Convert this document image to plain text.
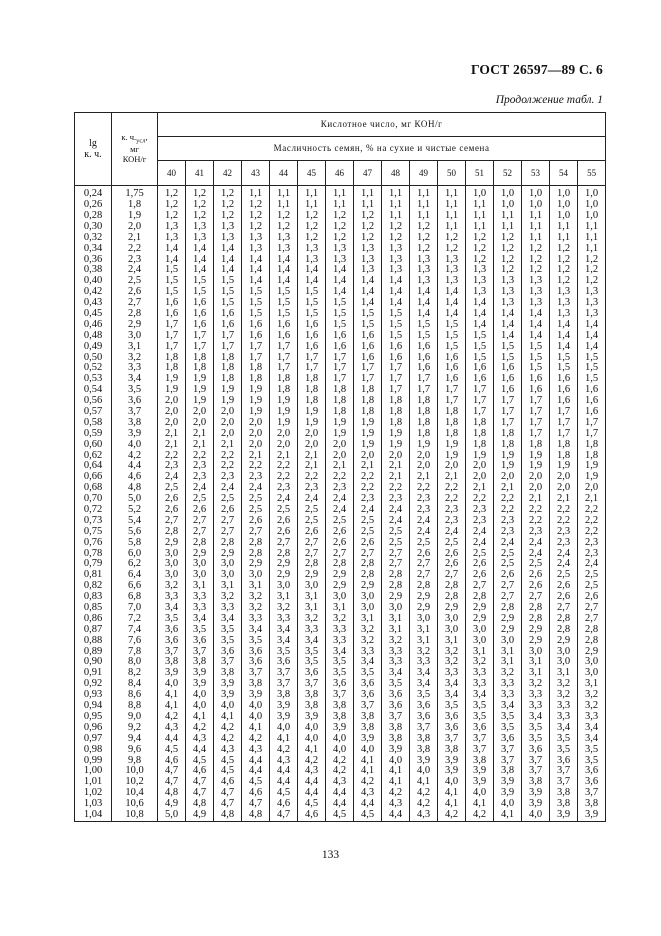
ГОСТ 26597—89 С. 6
Продолжение табл. 1
lg
к. ч.	к. $ч._{усл}$,
мг
КОН/г	Кислотное число, мг КОН/г															
		Масличность семян, % на сухие и чистые семена															
		40	41	42	43	44	45	46	47	48	49	50	51	52	53	54	55
0,24	1,75	1,2	1,2	1,2	1,1	1,1	1,1	1,1	1,1	1,1	1,1	1,1	1,0	1,0	1,0	1,0	1,0
0,26	1,8	1,2	1,2	1,2	1,2	1,1	1,1	1,1	1,1	1,1	1,1	1,1	1,1	1,0	1,0	1,0	1,0
0,28	1,9	1,2	1,2	1,2	1,2	1,2	1,2	1,2	1,2	1,1	1,1	1,1	1,1	1,1	1,1	1,0	1,0
0,30	2,0	1,3	1,3	1,3	1,2	1,2	1,2	1,2	1,2	1,2	1,2	1,1	1,1	1,1	1,1	1,1	1,1
0,32	2,1	1,3	1,3	1,3	1,3	1,3	1,2	1,2	1,2	1,2	1,2	1,2	1,2	1,2	1,1	1,1	1,1
0,34	2,2	1,4	1,4	1,4	1,3	1,3	1,3	1,3	1,3	1,3	1,2	1,2	1,2	1,2	1,2	1,2	1,1
0,36	2,3	1,4	1,4	1,4	1,4	1,4	1,3	1,3	1,3	1,3	1,3	1,3	1,2	1,2	1,2	1,2	1,2
0,38	2,4	1,5	1,4	1,4	1,4	1,4	1,4	1,4	1,3	1,3	1,3	1,3	1,3	1,2	1,2	1,2	1,2
0,40	2,5	1,5	1,5	1,5	1,4	1,4	1,4	1,4	1,4	1,4	1,3	1,3	1,3	1,3	1,3	1,2	1,2
0,42	2,6	1,5	1,5	1,5	1,5	1,5	1,5	1,4	1,4	1,4	1,4	1,4	1,3	1,3	1,3	1,3	1,3
0,43	2,7	1,6	1,6	1,5	1,5	1,5	1,5	1,5	1,4	1,4	1,4	1,4	1,4	1,3	1,3	1,3	1,3
0,45	2,8	1,6	1,6	1,6	1,5	1,5	1,5	1,5	1,5	1,5	1,4	1,4	1,4	1,4	1,4	1,3	1,3
0,46	2,9	1,7	1,6	1,6	1,6	1,6	1,6	1,5	1,5	1,5	1,5	1,5	1,4	1,4	1,4	1,4	1,4
0,48	3,0	1,7	1,7	1,7	1,6	1,6	1,6	1,6	1,6	1,5	1,5	1,5	1,5	1,4	1,4	1,4	1,4
0,49	3,1	1,7	1,7	1,7	1,7	1,7	1,6	1,6	1,6	1,6	1,6	1,5	1,5	1,5	1,5	1,4	1,4
0,50	3,2	1,8	1,8	1,8	1,7	1,7	1,7	1,7	1,6	1,6	1,6	1,6	1,5	1,5	1,5	1,5	1,5
0,52	3,3	1,8	1,8	1,8	1,8	1,7	1,7	1,7	1,7	1,7	1,6	1,6	1,6	1,6	1,5	1,5	1,5
0,53	3,4	1,9	1,9	1,8	1,8	1,8	1,8	1,7	1,7	1,7	1,7	1,6	1,6	1,6	1,6	1,6	1,5
0,54	3,5	1,9	1,9	1,9	1,9	1,8	1,8	1,8	1,8	1,7	1,7	1,7	1,7	1,6	1,6	1,6	1,6
0,56	3,6	2,0	1,9	1,9	1,9	1,9	1,8	1,8	1,8	1,8	1,8	1,7	1,7	1,7	1,7	1,6	1,6
0,57	3,7	2,0	2,0	2,0	1,9	1,9	1,9	1,8	1,8	1,8	1,8	1,8	1,7	1,7	1,7	1,7	1,6
0,58	3,8	2,0	2,0	2,0	2,0	1,9	1,9	1,9	1,9	1,8	1,8	1,8	1,8	1,7	1,7	1,7	1,7
0,59	3,9	2,1	2,1	2,0	2,0	2,0	2,0	1,9	1,9	1,9	1,8	1,8	1,8	1,8	1,7	1,7	1,7
0,60	4,0	2,1	2,1	2,1	2,0	2,0	2,0	2,0	1,9	1,9	1,9	1,9	1,8	1,8	1,8	1,8	1,8
0,62	4,2	2,2	2,2	2,2	2,1	2,1	2,1	2,0	2,0	2,0	2,0	1,9	1,9	1,9	1,9	1,8	1,8
0,64	4,4	2,3	2,3	2,2	2,2	2,2	2,1	2,1	2,1	2,1	2,0	2,0	2,0	1,9	1,9	1,9	1,9
0,66	4,6	2,4	2,3	2,3	2,3	2,2	2,2	2,2	2,2	2,1	2,1	2,1	2,0	2,0	2,0	2,0	1,9
0,68	4,8	2,5	2,4	2,4	2,4	2,3	2,3	2,3	2,2	2,2	2,2	2,2	2,1	2,1	2,0	2,0	2,0
0,70	5,0	2,6	2,5	2,5	2,5	2,4	2,4	2,4	2,3	2,3	2,3	2,2	2,2	2,2	2,1	2,1	2,1
0,72	5,2	2,6	2,6	2,6	2,5	2,5	2,5	2,4	2,4	2,4	2,3	2,3	2,3	2,2	2,2	2,2	2,2
0,73	5,4	2,7	2,7	2,7	2,6	2,6	2,5	2,5	2,5	2,4	2,4	2,3	2,3	2,3	2,2	2,2	2,2
0,75	5,6	2,8	2,7	2,7	2,7	2,6	2,6	2,6	2,5	2,5	2,4	2,4	2,4	2,3	2,3	2,3	2,2
0,76	5,8	2,9	2,8	2,8	2,8	2,7	2,7	2,6	2,6	2,5	2,5	2,5	2,4	2,4	2,4	2,3	2,3
0,78	6,0	3,0	2,9	2,9	2,8	2,8	2,7	2,7	2,7	2,7	2,6	2,6	2,5	2,5	2,4	2,4	2,3
0,79	6,2	3,0	3,0	3,0	2,9	2,9	2,8	2,8	2,8	2,7	2,7	2,6	2,6	2,5	2,5	2,4	2,4
0,81	6,4	3,0	3,0	3,0	3,0	2,9	2,9	2,9	2,8	2,8	2,7	2,7	2,6	2,6	2,6	2,5	2,5
0,82	6,6	3,2	3,1	3,1	3,1	3,0	3,0	2,9	2,9	2,8	2,8	2,8	2,7	2,7	2,6	2,6	2,5
0,83	6,8	3,3	3,3	3,2	3,2	3,1	3,1	3,0	3,0	2,9	2,9	2,8	2,8	2,7	2,7	2,6	2,6
0,85	7,0	3,4	3,3	3,3	3,2	3,2	3,1	3,1	3,0	3,0	2,9	2,9	2,9	2,8	2,8	2,7	2,7
0,86	7,2	3,5	3,4	3,4	3,3	3,3	3,2	3,2	3,1	3,1	3,0	3,0	2,9	2,9	2,8	2,8	2,7
0,87	7,4	3,6	3,5	3,5	3,4	3,4	3,3	3,3	3,2	3,1	3,1	3,0	3,0	2,9	2,9	2,8	2,8
0,88	7,6	3,6	3,6	3,5	3,5	3,4	3,4	3,3	3,2	3,2	3,1	3,1	3,0	3,0	2,9	2,9	2,8
0,89	7,8	3,7	3,7	3,6	3,6	3,5	3,5	3,4	3,3	3,3	3,2	3,2	3,1	3,1	3,0	3,0	2,9
0,90	8,0	3,8	3,8	3,7	3,6	3,6	3,5	3,5	3,4	3,3	3,3	3,2	3,2	3,1	3,1	3,0	3,0
0,91	8,2	3,9	3,9	3,8	3,7	3,7	3,6	3,5	3,5	3,4	3,4	3,3	3,3	3,2	3,1	3,1	3,0
0,92	8,4	4,0	3,9	3,9	3,8	3,7	3,7	3,6	3,6	3,5	3,4	3,4	3,3	3,3	3,2	3,2	3,1
0,93	8,6	4,1	4,0	3,9	3,9	3,8	3,8	3,7	3,6	3,6	3,5	3,4	3,4	3,3	3,3	3,2	3,2
0,94	8,8	4,1	4,0	4,0	4,0	3,9	3,8	3,8	3,7	3,6	3,6	3,5	3,5	3,4	3,3	3,3	3,2
0,95	9,0	4,2	4,1	4,1	4,0	3,9	3,9	3,8	3,8	3,7	3,6	3,6	3,5	3,5	3,4	3,3	3,3
0,96	9,2	4,3	4,2	4,2	4,1	4,0	4,0	3,9	3,8	3,8	3,7	3,6	3,6	3,5	3,5	3,4	3,4
0,97	9,4	4,4	4,3	4,2	4,2	4,1	4,0	4,0	3,9	3,8	3,8	3,7	3,7	3,6	3,5	3,5	3,4
0,98	9,6	4,5	4,4	4,3	4,3	4,2	4,1	4,0	4,0	3,9	3,8	3,8	3,7	3,7	3,6	3,5	3,5
0,99	9,8	4,6	4,5	4,5	4,4	4,3	4,2	4,2	4,1	4,0	3,9	3,9	3,8	3,7	3,7	3,6	3,5
1,00	10,0	4,7	4,6	4,5	4,4	4,4	4,3	4,2	4,1	4,1	4,0	3,9	3,9	3,8	3,7	3,7	3,6
1,01	10,2	4,7	4,7	4,6	4,5	4,4	4,4	4,3	4,2	4,1	4,1	4,0	3,9	3,9	3,8	3,7	3,6
1,02	10,4	4,8	4,7	4,7	4,6	4,5	4,4	4,4	4,3	4,2	4,2	4,1	4,0	3,9	3,9	3,8	3,7
1,03	10,6	4,9	4,8	4,7	4,7	4,6	4,5	4,4	4,4	4,3	4,2	4,1	4,1	4,0	3,9	3,8	3,8
1,04	10,8	5,0	4,9	4,8	4,8	4,7	4,6	4,5	4,5	4,4	4,3	4,2	4,2	4,1	4,0	3,9	3,9
133
